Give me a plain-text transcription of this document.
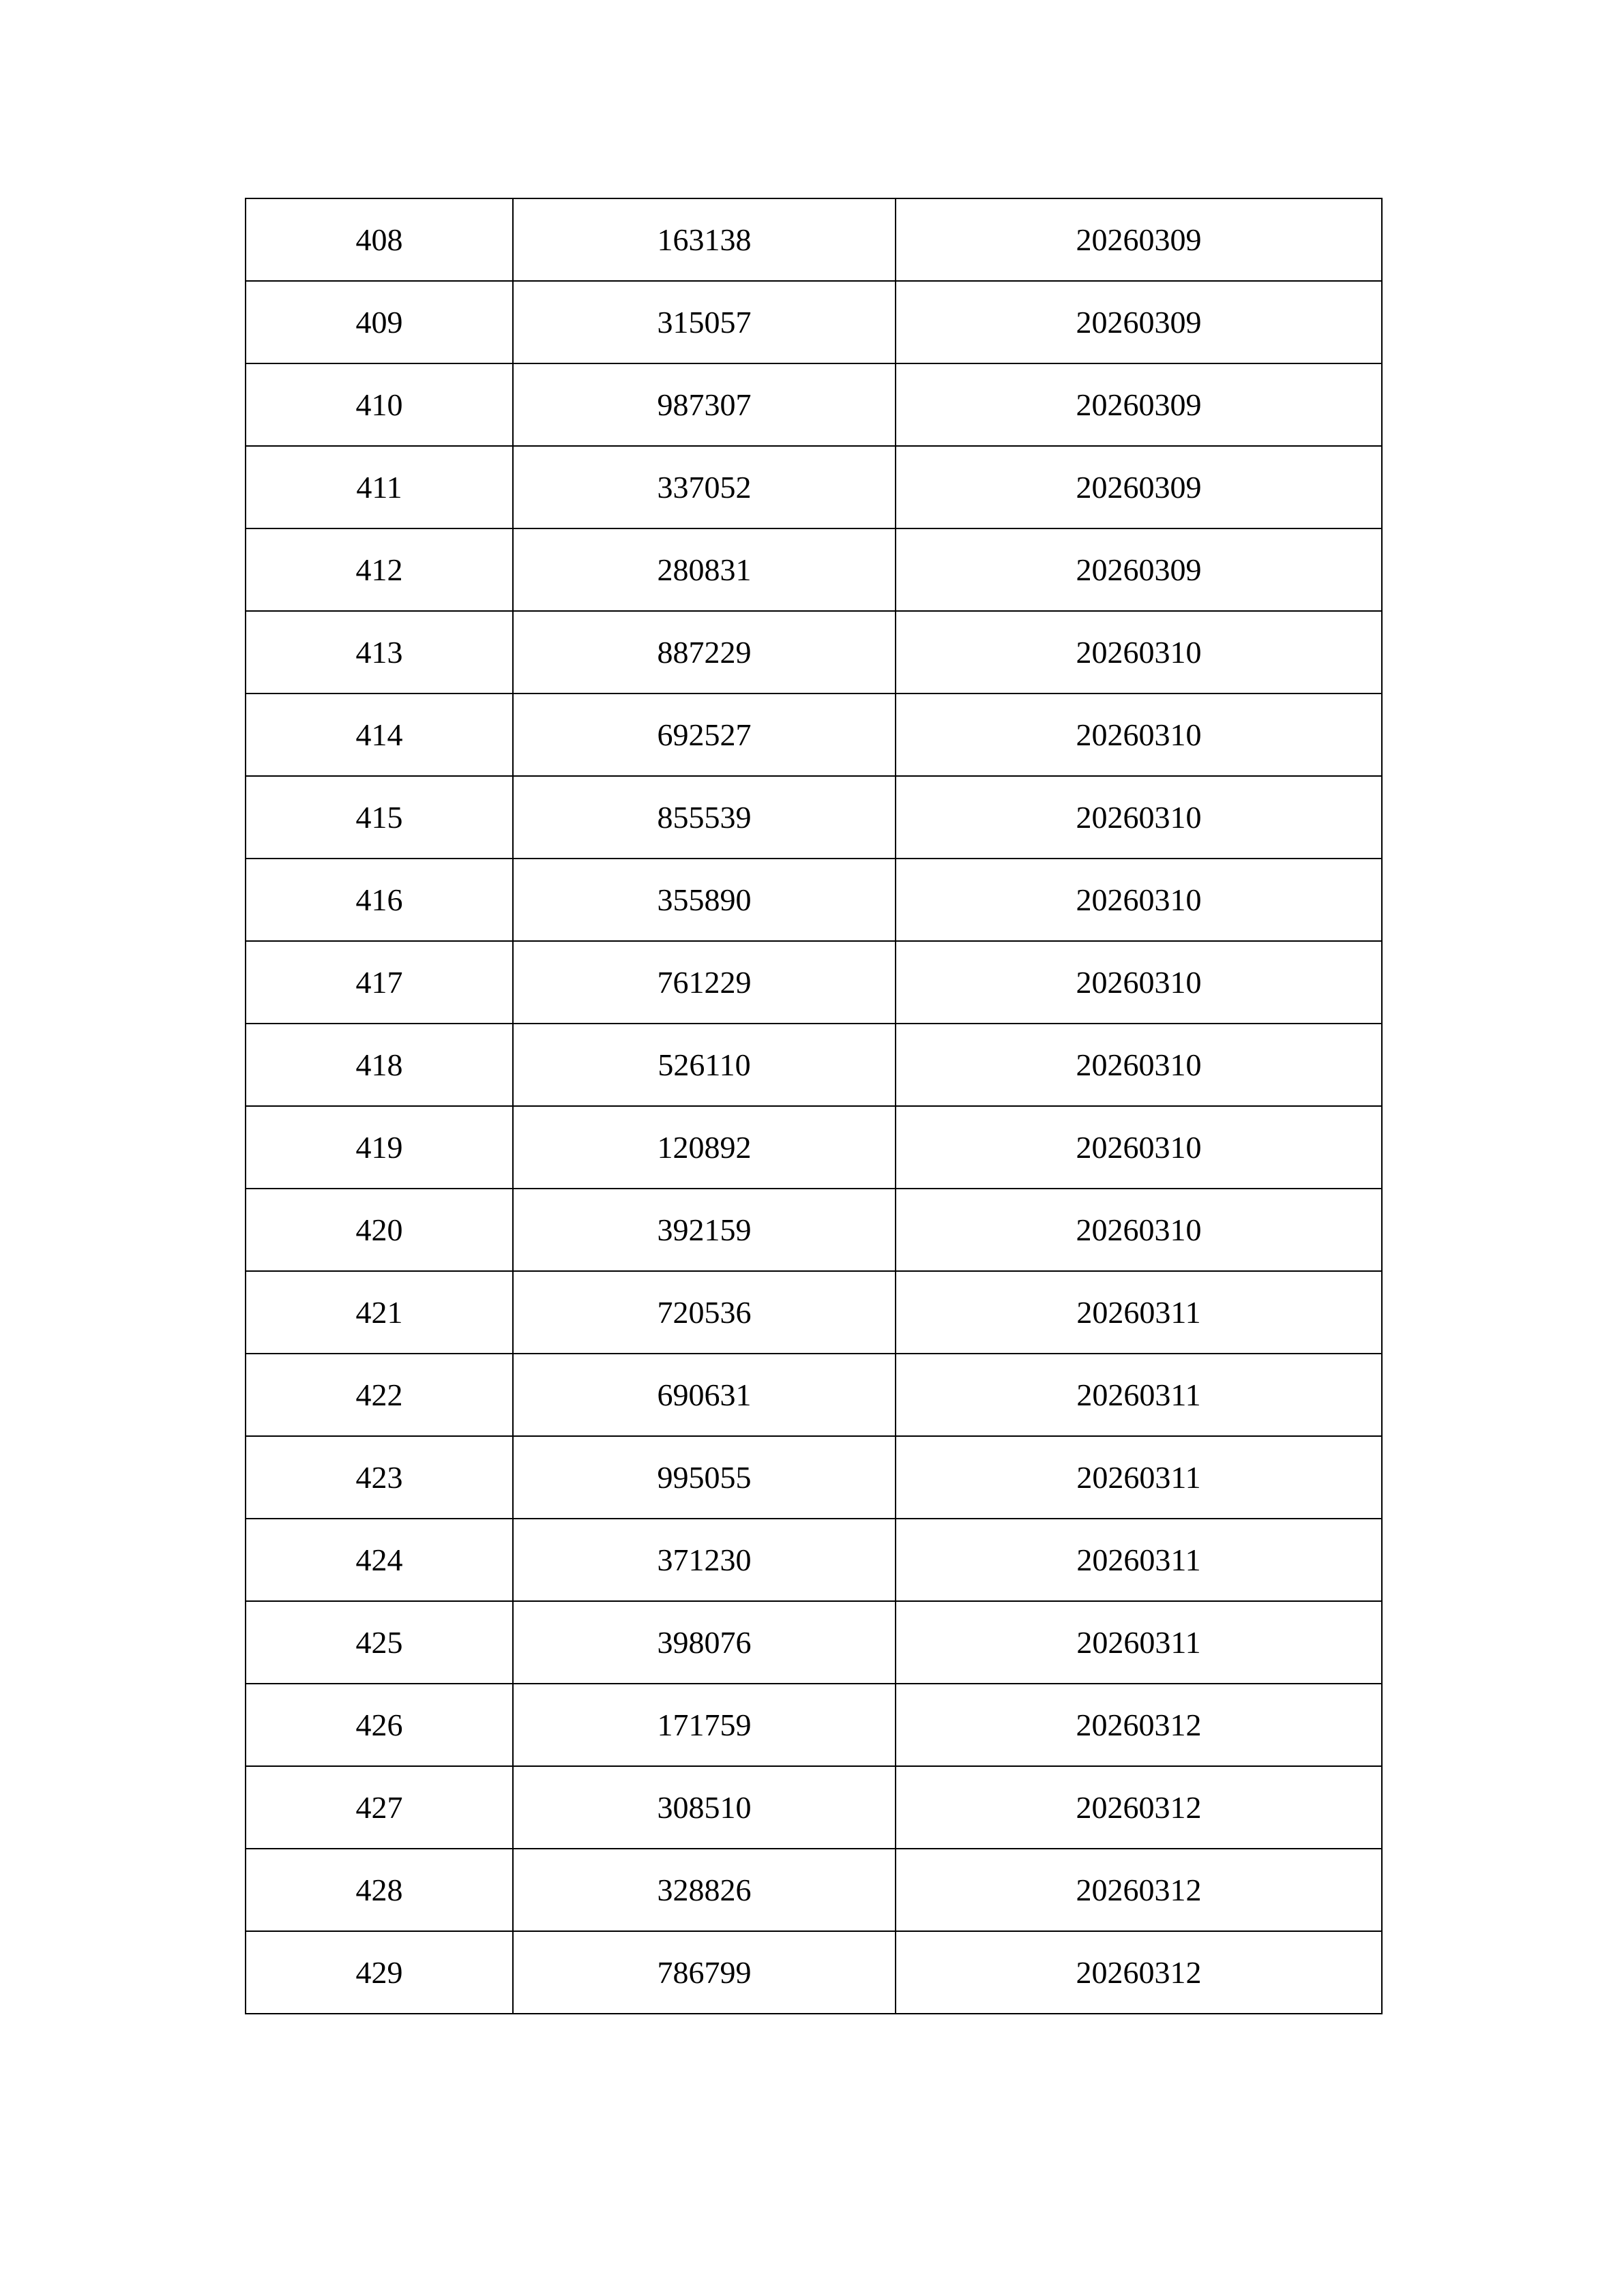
408	163138	20260309
409	315057	20260309
410	987307	20260309
411	337052	20260309
412	280831	20260309
413	887229	20260310
414	692527	20260310
415	855539	20260310
416	355890	20260310
417	761229	20260310
418	526110	20260310
419	120892	20260310
420	392159	20260310
421	720536	20260311
422	690631	20260311
423	995055	20260311
424	371230	20260311
425	398076	20260311
426	171759	20260312
427	308510	20260312
428	328826	20260312
429	786799	20260312
